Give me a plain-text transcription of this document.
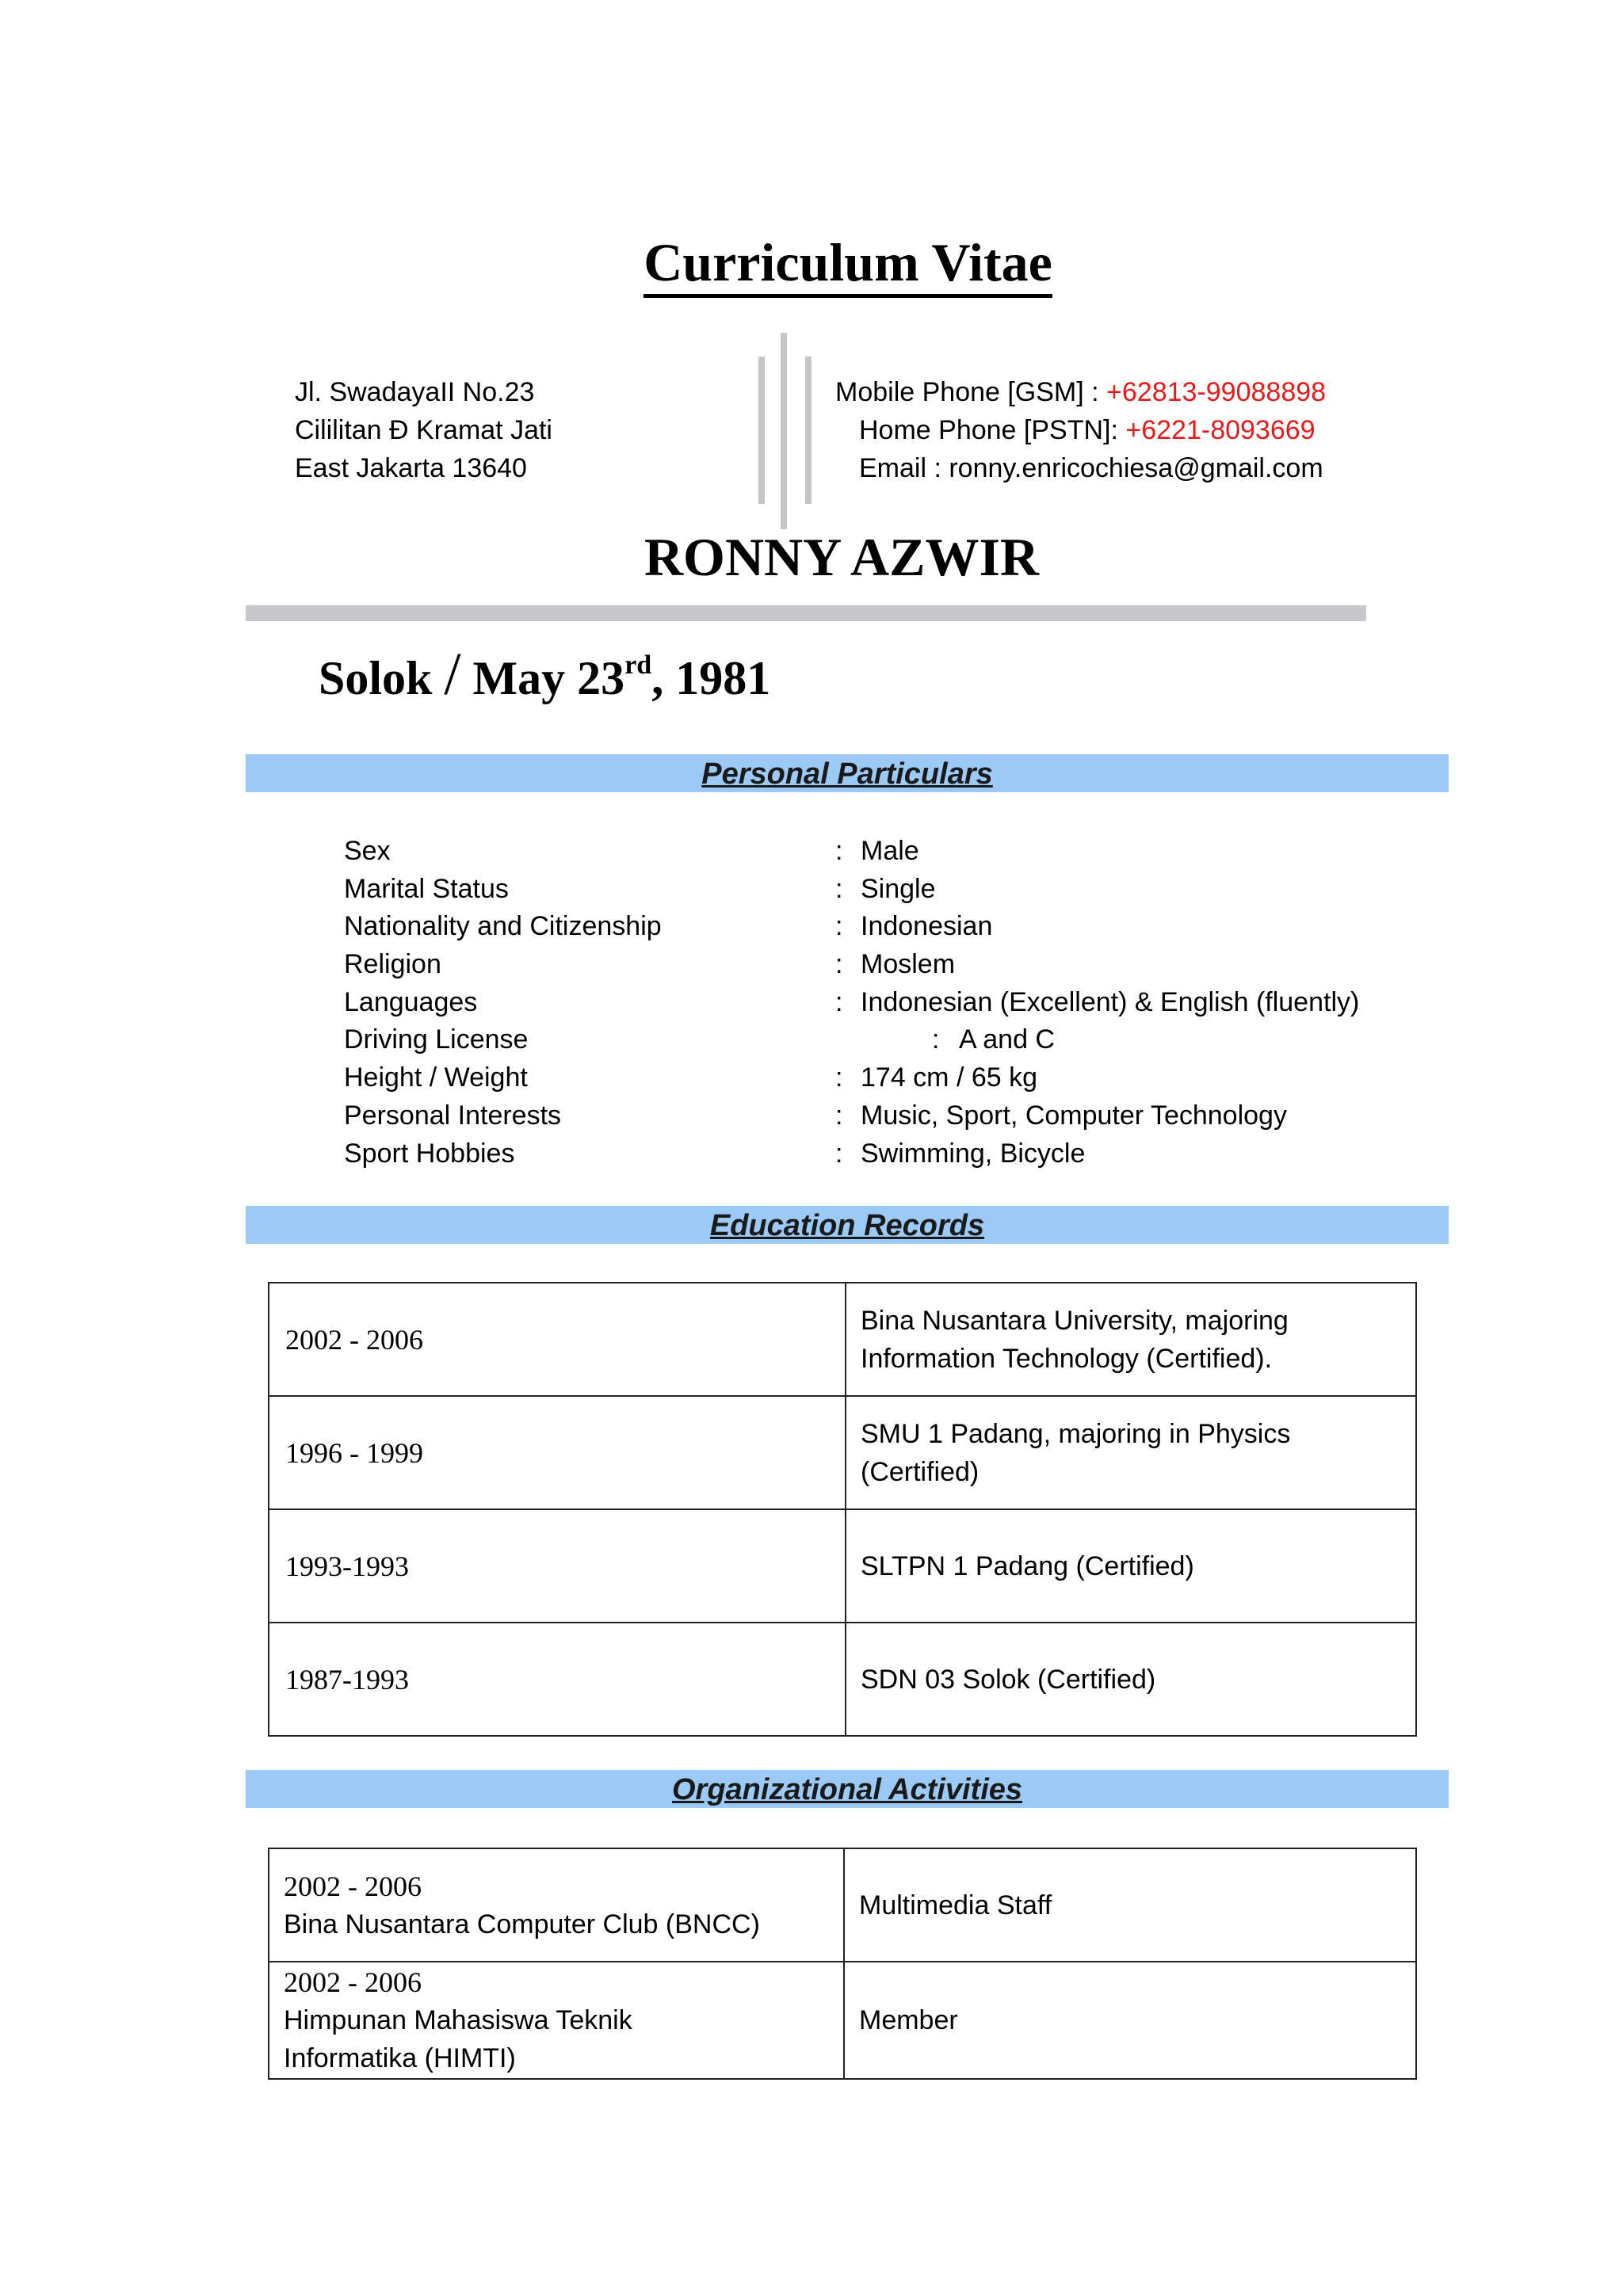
Curriculum Vitae
Jl. SwadayaII No.23
Cililitan Ð Kramat Jati
East Jakarta 13640
Mobile Phone [GSM] : +62813-99088898
Home Phone [PSTN]: +6221-8093669
Email : ronny.enricochiesa@gmail.com
RONNY AZWIR
Solok / May 23rd, 1981
Personal Particulars
Sex	: Male
Marital Status	: Single
Nationality and Citizenship	: Indonesian
Religion	: Moslem
Languages	: Indonesian (Excellent) & English (fluently)
Driving License	: A and C
Height / Weight	: 174 cm / 65 kg
Personal Interests	: Music, Sport, Computer Technology
Sport Hobbies	: Swimming, Bicycle
Education Records
2002 - 2006	Bina Nusantara University, majoring
Information Technology (Certified).

1996 - 1999	SMU 1 Padang, majoring in Physics
(Certified)

1993-1993	SLTPN 1 Padang (Certified)

1987-1993	SDN 03 Solok (Certified)
Organizational Activities
2002 - 2006
Bina Nusantara Computer Club (BNCC)	Multimedia Staff

2002 - 2006
Himpunan Mahasiswa Teknik
Informatika (HIMTI)	Member
